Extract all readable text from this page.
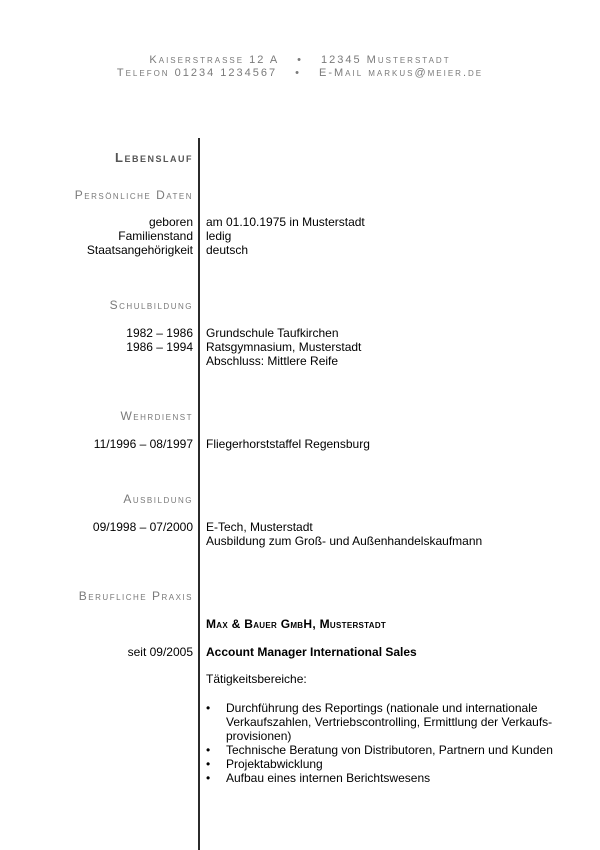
Kaiserstrasse 12 A • 12345 Musterstadt
Telefon 01234 1234567 • E-Mail markus@meier.de
Lebenslauf
Persönliche Daten
geboren
Familienstand
Staatsangehörigkeit
am 01.10.1975 in Musterstadt
ledig
deutsch
Schulbildung
1982 – 1986
1986 – 1994
Grundschule Taufkirchen
Ratsgymnasium, Musterstadt
Abschluss: Mittlere Reife
Wehrdienst
11/1996 – 08/1997 Fliegerhorststaffel Regensburg
Ausbildung
09/1998 – 07/2000 E-Tech, Musterstadt
Ausbildung zum Groß- und Außenhandelskaufmann
Berufliche Praxis
Max & Bauer GmbH, Musterstadt
seit 09/2005 Account Manager International Sales
Tätigkeitsbereiche:
• Durchführung des Reportings (nationale und internationale
Verkaufszahlen, Vertriebscontrolling, Ermittlung der Verkaufs-
provisionen)
• Technische Beratung von Distributoren, Partnern und Kunden
• Projektabwicklung
• Aufbau eines internen Berichtswesens
